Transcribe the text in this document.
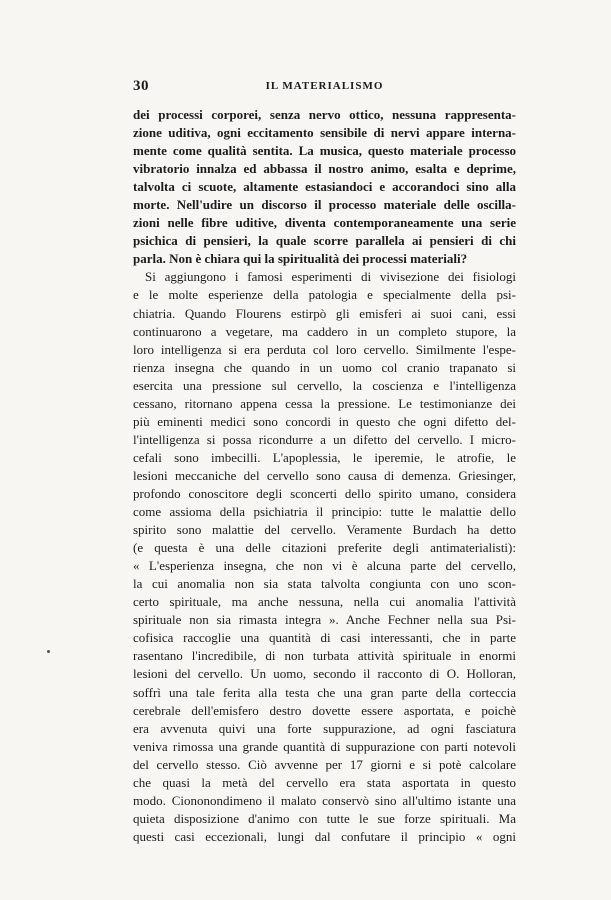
30	IL MATERIALISMO
dei processi corporei, senza nervo ottico, nessuna rappresenta-
zione uditiva, ogni eccitamento sensibile di nervi appare interna-
mente come qualità sentita. La musica, questo materiale processo
vibratorio innalza ed abbassa il nostro animo, esalta e deprime,
talvolta ci scuote, altamente estasiandoci e accorandoci sino alla
morte. Nell'udire un discorso il processo materiale delle oscilla-
zioni nelle fibre uditive, diventa contemporaneamente una serie
psichica di pensieri, la quale scorre parallela ai pensieri di chi
parla. Non è chiara qui la spiritualità dei processi materiali?
Si aggiungono i famosi esperimenti di vivisezione dei fisiologi
e le molte esperienze della patologia e specialmente della psi-
chiatria. Quando Flourens estirpò gli emisferi ai suoi cani, essi
continuarono a vegetare, ma caddero in un completo stupore, la
loro intelligenza si era perduta col loro cervello. Similmente l'espe-
rienza insegna che quando in un uomo col cranio trapanato si
esercita una pressione sul cervello, la coscienza e l'intelligenza
cessano, ritornano appena cessa la pressione. Le testimonianze dei
più eminenti medici sono concordi in questo che ogni difetto del-
l'intelligenza si possa ricondurre a un difetto del cervello. I micro-
cefali sono imbecilli. L'apoplessia, le iperemie, le atrofie, le
lesioni meccaniche del cervello sono causa di demenza. Griesinger,
profondo conoscitore degli sconcerti dello spirito umano, considera
come assioma della psichiatria il principio: tutte le malattie dello
spirito sono malattie del cervello. Veramente Burdach ha detto
(e questa è una delle citazioni preferite degli antimaterialisti):
« L'esperienza insegna, che non vi è alcuna parte del cervello,
la cui anomalia non sia stata talvolta congiunta con uno scon-
certo spirituale, ma anche nessuna, nella cui anomalia l'attività
spirituale non sia rimasta integra ». Anche Fechner nella sua Psi-
cofisica raccoglie una quantità di casi interessanti, che in parte
rasentano l'incredibile, di non turbata attività spirituale in enormi
lesioni del cervello. Un uomo, secondo il racconto di O. Holloran,
soffrì una tale ferita alla testa che una gran parte della corteccia
cerebrale dell'emisfero destro dovette essere asportata, e poichè
era avvenuta quivi una forte suppurazione, ad ogni fasciatura
veniva rimossa una grande quantità di suppurazione con parti notevoli
del cervello stesso. Ciò avvenne per 17 giorni e si potè calcolare
che quasi la metà del cervello era stata asportata in questo
modo. Ciononondimeno il malato conservò sino all'ultimo istante una
quieta disposizione d'animo con tutte le sue forze spirituali. Ma
questi casi eccezionali, lungi dal confutare il principio « ogni
